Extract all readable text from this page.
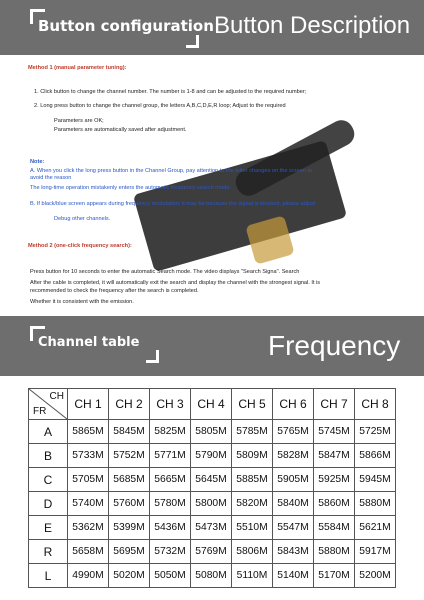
Button configuration Button Description
Method 1 (manual parameter tuning):
1. Click button to change the channel number. The number is 1-8 and can be adjusted to the required number;
2. Long press button to change the channel group, the letters A,B,C,D,E,R loop; Adjust to the required
Parameters are OK;
Parameters are automatically saved after adjustment.
Note:
A. When you click the long press button in the Channel Group, pay attention to the letter changes on the screen to
avoid the reason
The long-time operation mistakenly enters the automatic frequency search mode.
B. If black/blue screen appears during frequency modulation: it may be because the signal is blocked, please adjust
Debug other channels.
Method 2 (one-click frequency search):
Press button for 10 seconds to enter the automatic Search mode. The video displays "Search Signa". Search
After the cable is completed, it will automatically exit the search and display the channel with the strongest signal. It is
recommended to check the frequency after the search is completed.
Whether it is consistent with the emission.
Channel table	Frequency
CH
FR	CH 1	CH 2	CH 3	CH 4	CH 5	CH 6	CH 7	CH 8
A	5865M	5845M	5825M	5805M	5785M	5765M	5745M	5725M
B	5733M	5752M	5771M	5790M	5809M	5828M	5847M	5866M
C	5705M	5685M	5665M	5645M	5885M	5905M	5925M	5945M
D	5740M	5760M	5780M	5800M	5820M	5840M	5860M	5880M
E	5362M	5399M	5436M	5473M	5510M	5547M	5584M	5621M
R	5658M	5695M	5732M	5769M	5806M	5843M	5880M	5917M
L	4990M	5020M	5050M	5080M	5110M	5140M	5170M	5200M
